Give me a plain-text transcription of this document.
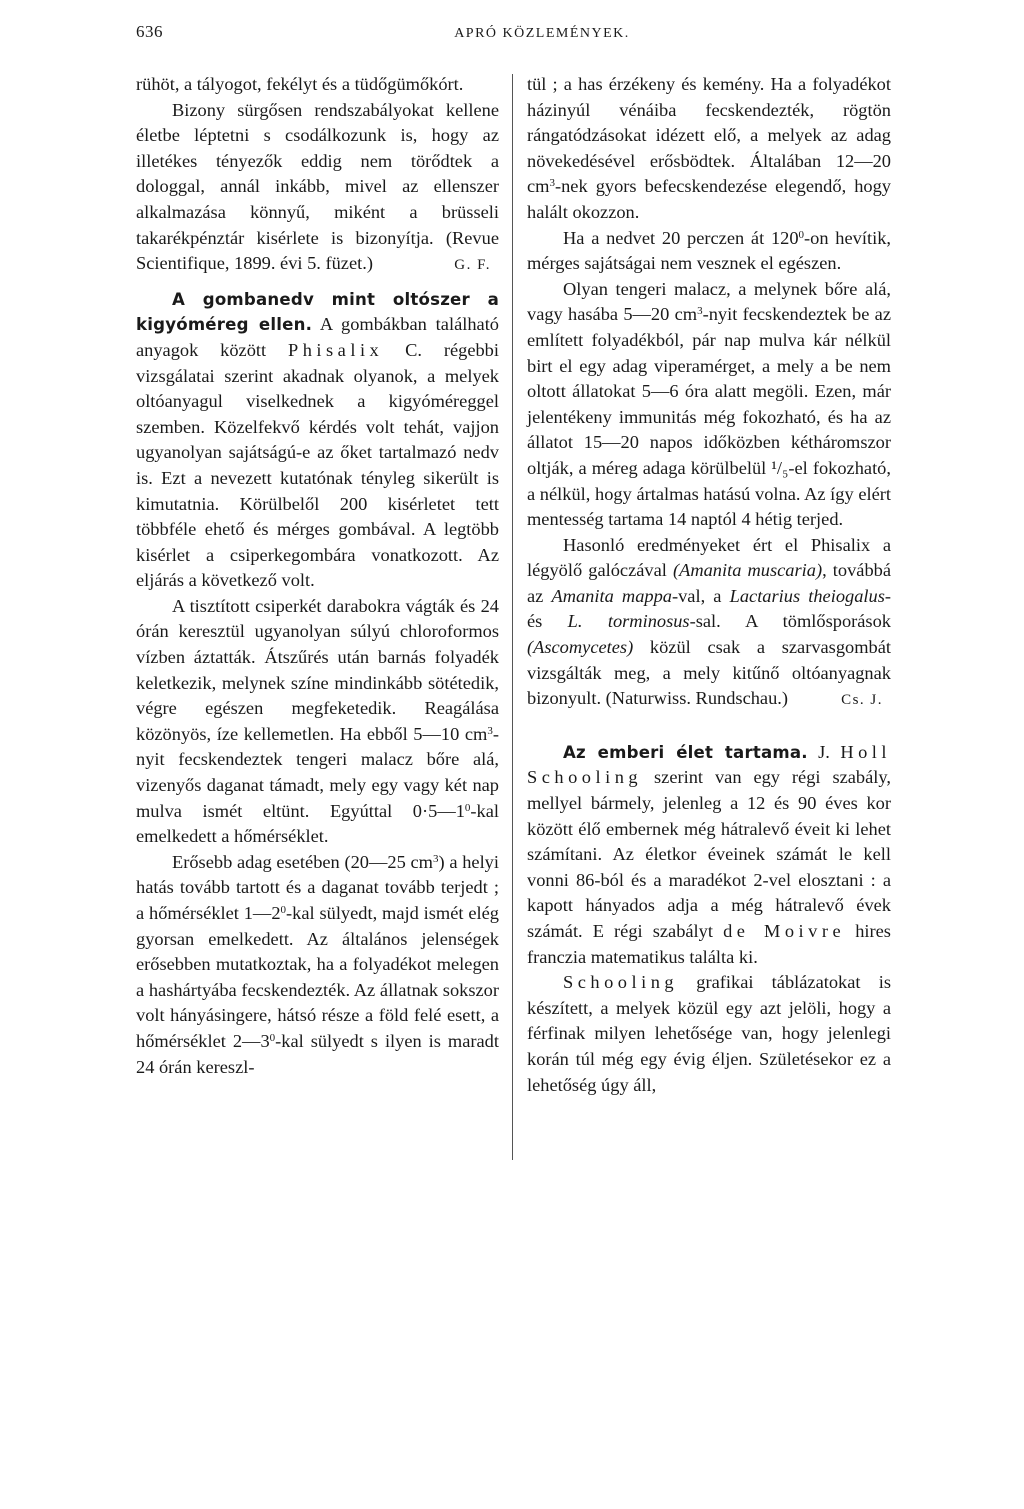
636	APRÓ KÖZLEMÉNYEK.

rühöt, a tályogot, fekélyt és a tüdőgümőkórt.

Bizony sürgősen rendszabályokat kellene életbe léptetni s csodálkozunk is, hogy az illetékes tényezők eddig nem törődtek a dologgal, annál inkább, mivel az ellenszer alkalmazása könnyű, miként a brüsseli takarékpénztár kisérlete is bizonyítja. (Revue Scientifique, 1899. évi 5. füzet.)	G. F.

A gombanedv mint oltószer a kigyóméreg ellen. A gombákban található anyagok között Phisalix C. régebbi vizsgálatai szerint akadnak olyanok, a melyek oltóanyagul viselkednek a kigyóméreggel szemben. Közelfekvő kérdés volt tehát, vajjon ugyanolyan sajátságú-e az őket tartalmazó nedv is. Ezt a nevezett kutatónak tényleg sikerült is kimutatnia. Körülbelől 200 kisérletet tett többféle ehető és mérges gombával. A legtöbb kisérlet a csiperkegombára vonatkozott. Az eljárás a következő volt.

A tisztított csiperkét darabokra vágták és 24 órán keresztül ugyanolyan súlyú chloroformos vízben áztatták. Átszűrés után barnás folyadék keletkezik, melynek színe mindinkább sötétedik, végre egészen megfeketedik. Reagálása közönyös, íze kellemetlen. Ha ebből 5—10 $cm^3$-nyit fecskendeztek tengeri malacz bőre alá, vizenyős daganat támadt, mely egy vagy két nap mulva ismét eltünt. Egyúttal $0\cdot 5—1^0$-kal emelkedett a hőmérséklet.

Erősebb adag esetében (20—25 $cm^3$) a helyi hatás tovább tartott és a daganat tovább terjedt ; a hőmérséklet $1—2^0$-kal sülyedt, majd ismét elég gyorsan emelkedett. Az általános jelenségek erősebben mutatkoztak, ha a folyadékot melegen a hashártyába fecskendezték. Az állatnak sokszor volt hányásingere, hátsó része a föld felé esett, a hőmérséklet $2—3^0$-kal sülyedt s ilyen is maradt 24 órán kereszl-

tül ; a has érzékeny és kemény. Ha a folyadékot házinyúl vénáiba fecskendezték, rögtön rángatódzásokat idézett elő, a melyek az adag növekedésével erősbödtek. Általában 12—20 $cm^3$-nek gyors befecskendezése elegendő, hogy halált okozzon.

Ha a nedvet 20 perczen át $120^0-on$ hevítik, mérges sajátságai nem vesznek el egészen.

Olyan tengeri malacz, a melynek bőre alá, vagy hasába 5—20 $cm^3$-nyit fecskendeztek be az említett folyadékból, pár nap mulva kár nélkül birt el egy adag viperamérget, a mely a be nem oltott állatokat 5—6 óra alatt megöli. Ezen, már jelentékeny immunitás még fokozható, és ha az állatot 15—20 napos időközben kétháromszor oltják, a méreg adaga körülbelül ¹/₅-el fokozható, a nélkül, hogy ártalmas hatású volna. Az így elért mentesség tartama 14 naptól 4 hétig terjed.

Hasonló eredményeket ért el Phisalix a légyölő galóczával (Amanita muscaria), továbbá az Amanita mappa-val, a Lactarius theiogalus- és L. torminosus-sal. A tömlősporások (Ascomycetes) közül csak a szarvasgombát vizsgálták meg, a mely kitűnő oltóanyagnak bizonyult. (Naturwiss. Rundschau.)	Cs. J.

Az emberi élet tartama. J. Holl Schooling szerint van egy régi szabály, mellyel bármely, jelenleg a 12 és 90 éves kor között élő embernek még hátralevő éveit ki lehet számítani. Az életkor éveinek számát le kell vonni 86-ból és a maradékot 2-vel elosztani : a kapott hányados adja a még hátralevő évek számát. E régi szabályt de Moivre hires franczia matematikus találta ki.

Schooling grafikai táblázatokat is készített, a melyek közül egy azt jelöli, hogy a férfinak milyen lehetősége van, hogy jelenlegi korán túl még egy évig éljen. Születésekor ez a lehetőség úgy áll,
